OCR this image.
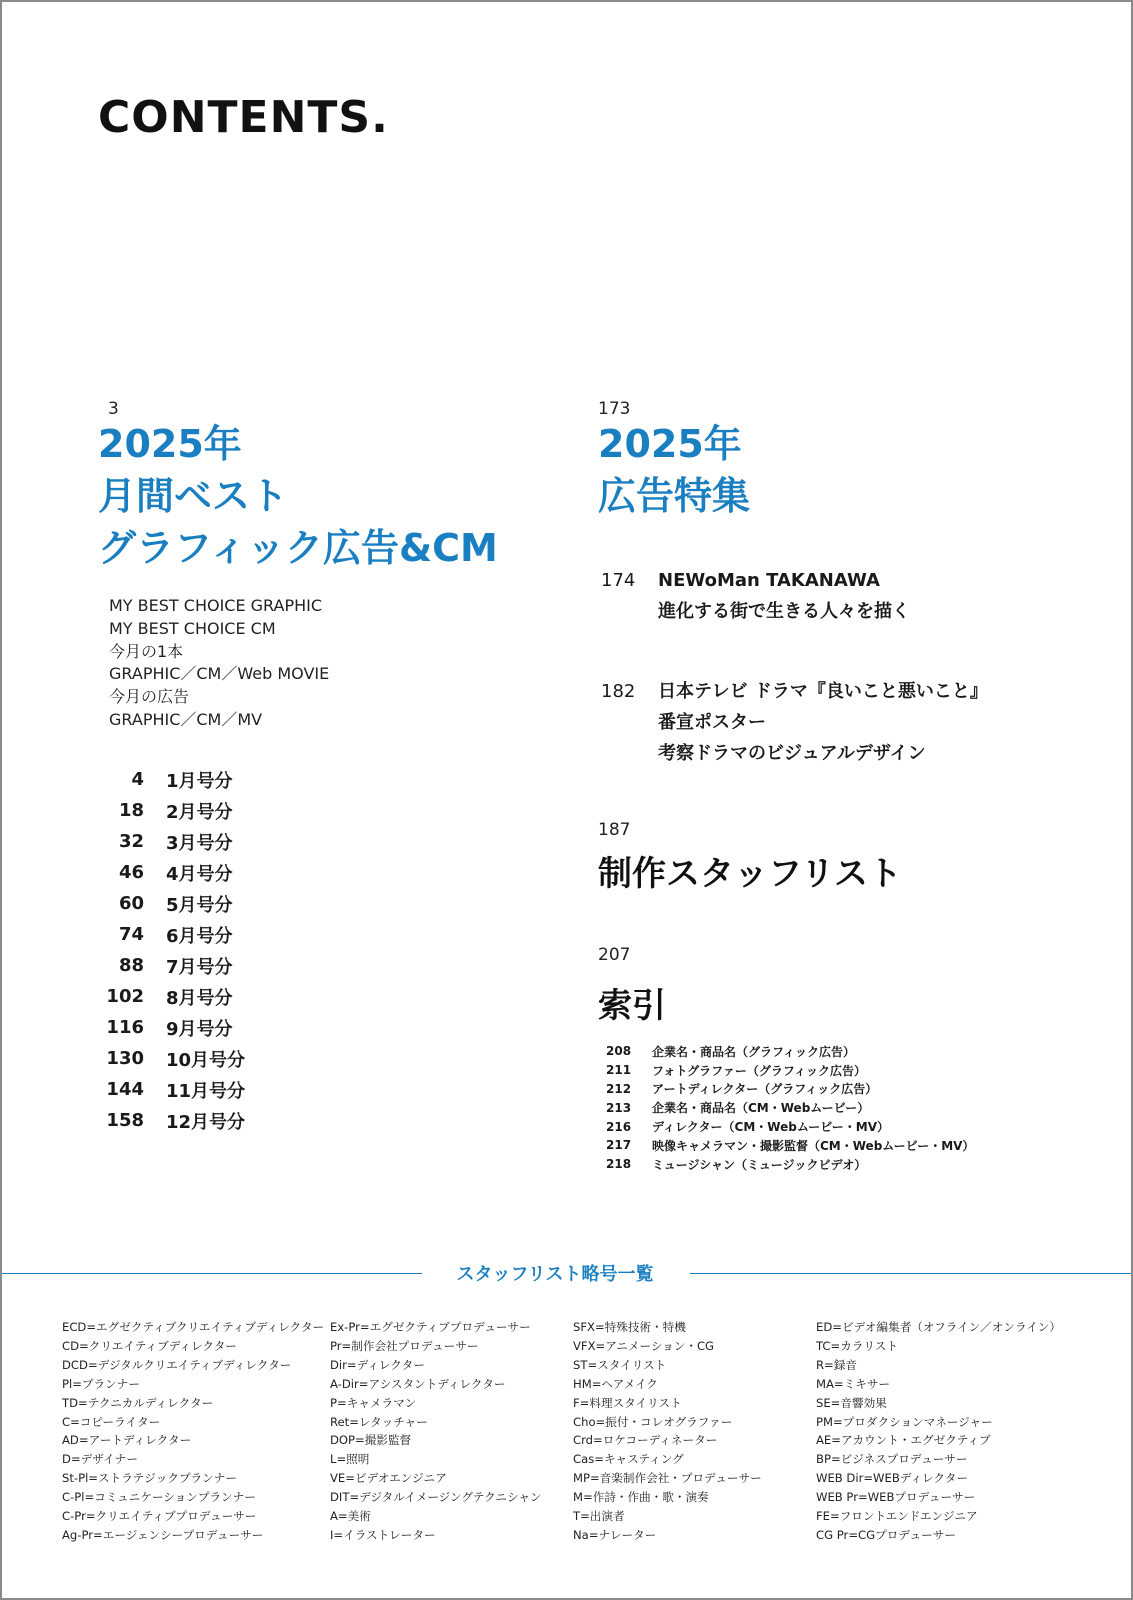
CONTENTS.
3
2025年
月間ベスト
グラフィック広告&CM
MY BEST CHOICE GRAPHIC
MY BEST CHOICE CM
今月の1本
GRAPHIC／CM／Web MOVIE
今月の広告
GRAPHIC／CM／MV
4 1月号分
18 2月号分
32 3月号分
46 4月号分
60 5月号分
74 6月号分
88 7月号分
102 8月号分
116 9月号分
130 10月号分
144 11月号分
158 12月号分
173
2025年
広告特集
174 NEWoMan TAKANAWA
進化する街で生きる人々を描く
182 日本テレビ ドラマ『良いこと悪いこと』
番宣ポスター
考察ドラマのビジュアルデザイン
187
制作スタッフリスト
207
索引
208 企業名・商品名（グラフィック広告）
211 フォトグラファー（グラフィック広告）
212 アートディレクター（グラフィック広告）
213 企業名・商品名（CM・Webムービー）
216 ディレクター（CM・Webムービー・MV）
217 映像キャメラマン・撮影監督（CM・Webムービー・MV）
218 ミュージシャン（ミュージックビデオ）
スタッフリスト略号一覧
ECD=エグゼクティブクリエイティブディレクター
CD=クリエイティブディレクター
DCD=デジタルクリエイティブディレクター
Pl=プランナー
TD=テクニカルディレクター
C=コピーライター
AD=アートディレクター
D=デザイナー
St-Pl=ストラテジックプランナー
C-Pl=コミュニケーションプランナー
C-Pr=クリエイティブプロデューサー
Ag-Pr=エージェンシープロデューサー
Ex-Pr=エグゼクティブプロデューサー
Pr=制作会社プロデューサー
Dir=ディレクター
A-Dir=アシスタントディレクター
P=キャメラマン
Ret=レタッチャー
DOP=撮影監督
L=照明
VE=ビデオエンジニア
DIT=デジタルイメージングテクニシャン
A=美術
I=イラストレーター
SFX=特殊技術・特機
VFX=アニメーション・CG
ST=スタイリスト
HM=ヘアメイク
F=料理スタイリスト
Cho=振付・コレオグラファー
Crd=ロケコーディネーター
Cas=キャスティング
MP=音楽制作会社・プロデューサー
M=作詩・作曲・歌・演奏
T=出演者
Na=ナレーター
ED=ビデオ編集者（オフライン／オンライン）
TC=カラリスト
R=録音
MA=ミキサー
SE=音響効果
PM=プロダクションマネージャー
AE=アカウント・エグゼクティブ
BP=ビジネスプロデューサー
WEB Dir=WEBディレクター
WEB Pr=WEBプロデューサー
FE=フロントエンドエンジニア
CG Pr=CGプロデューサー
